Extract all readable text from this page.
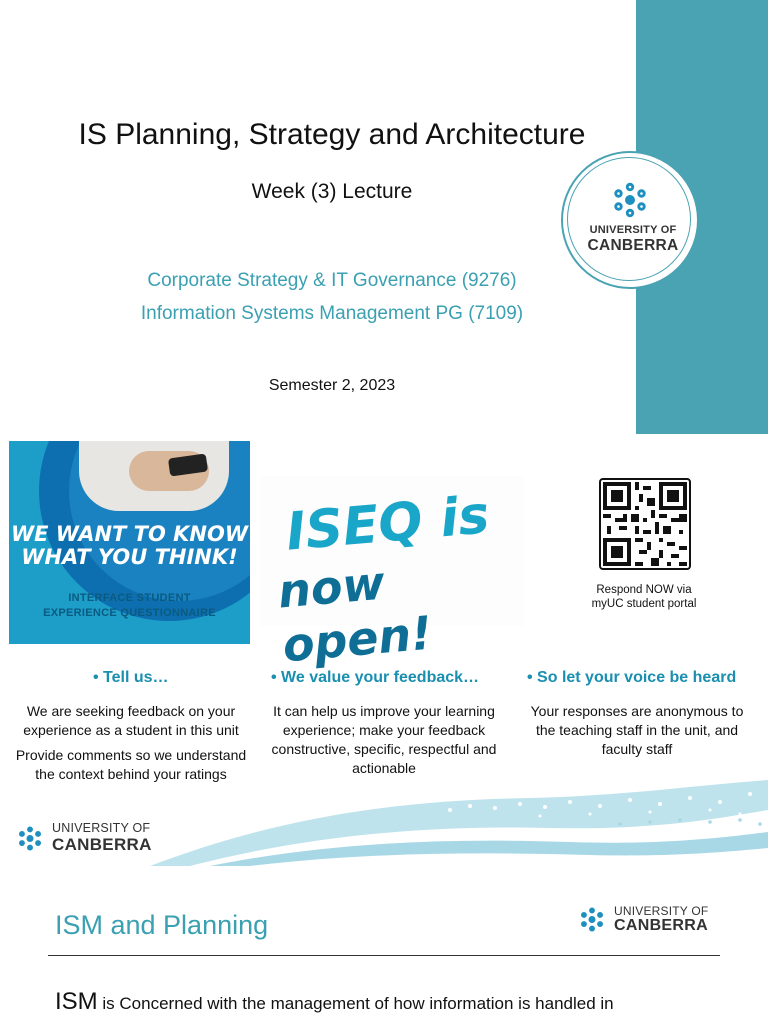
UNIVERSITY OF
CANBERRA
IS Planning, Strategy and Architecture
Week (3) Lecture
Corporate Strategy & IT Governance (9276)
Information Systems Management PG (7109)
Semester 2, 2023
WE WANT TO KNOW
WHAT YOU THINK!
INTERFACE STUDENT
EXPERIENCE QUESTIONNAIRE
ISEQ is
now open!
Respond NOW via
myUC student portal
• Tell us…	• We value your feedback…	• So let your voice be heard

We are seeking feedback on your experience as a student in this unit

Provide comments so we understand the context behind your ratings

It can help us improve your learning experience; make your feedback constructive, specific, respectful and actionable

Your responses are anonymous to the teaching staff in the unit, and faculty staff

UNIVERSITY OF
CANBERRA
ISM and Planning	UNIVERSITY OF
CANBERRA
ISM is Concerned with the management of how information is handled in
